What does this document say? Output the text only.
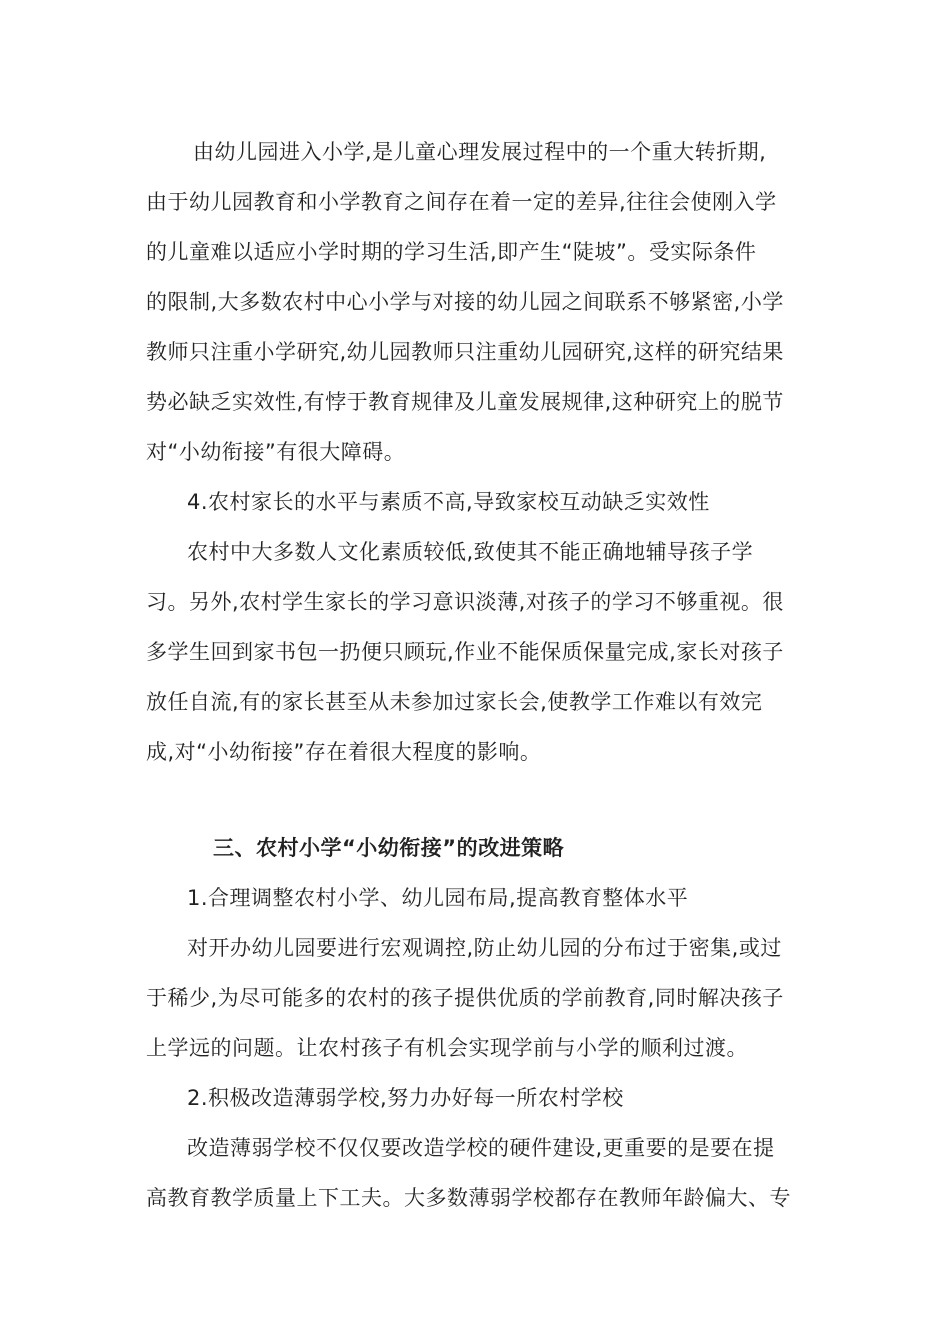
由幼儿园进入小学,是儿童心理发展过程中的一个重大转折期,
由于幼儿园教育和小学教育之间存在着一定的差异,往往会使刚入学
的儿童难以适应小学时期的学习生活,即产生“陡坡”。受实际条件
的限制,大多数农村中心小学与对接的幼儿园之间联系不够紧密,小学
教师只注重小学研究,幼儿园教师只注重幼儿园研究,这样的研究结果
势必缺乏实效性,有悖于教育规律及儿童发展规律,这种研究上的脱节
对“小幼衔接”有很大障碍。
4.农村家长的水平与素质不高,导致家校互动缺乏实效性
农村中大多数人文化素质较低,致使其不能正确地辅导孩子学
习。另外,农村学生家长的学习意识淡薄,对孩子的学习不够重视。很
多学生回到家书包一扔便只顾玩,作业不能保质保量完成,家长对孩子
放任自流,有的家长甚至从未参加过家长会,使教学工作难以有效完
成,对“小幼衔接”存在着很大程度的影响。
三、农村小学“小幼衔接”的改进策略
1.合理调整农村小学、幼儿园布局,提高教育整体水平
对开办幼儿园要进行宏观调控,防止幼儿园的分布过于密集,或过
于稀少,为尽可能多的农村的孩子提供优质的学前教育,同时解决孩子
上学远的问题。让农村孩子有机会实现学前与小学的顺利过渡。
2.积极改造薄弱学校,努力办好每一所农村学校
改造薄弱学校不仅仅要改造学校的硬件建设,更重要的是要在提
高教育教学质量上下工夫。大多数薄弱学校都存在教师年龄偏大、专
